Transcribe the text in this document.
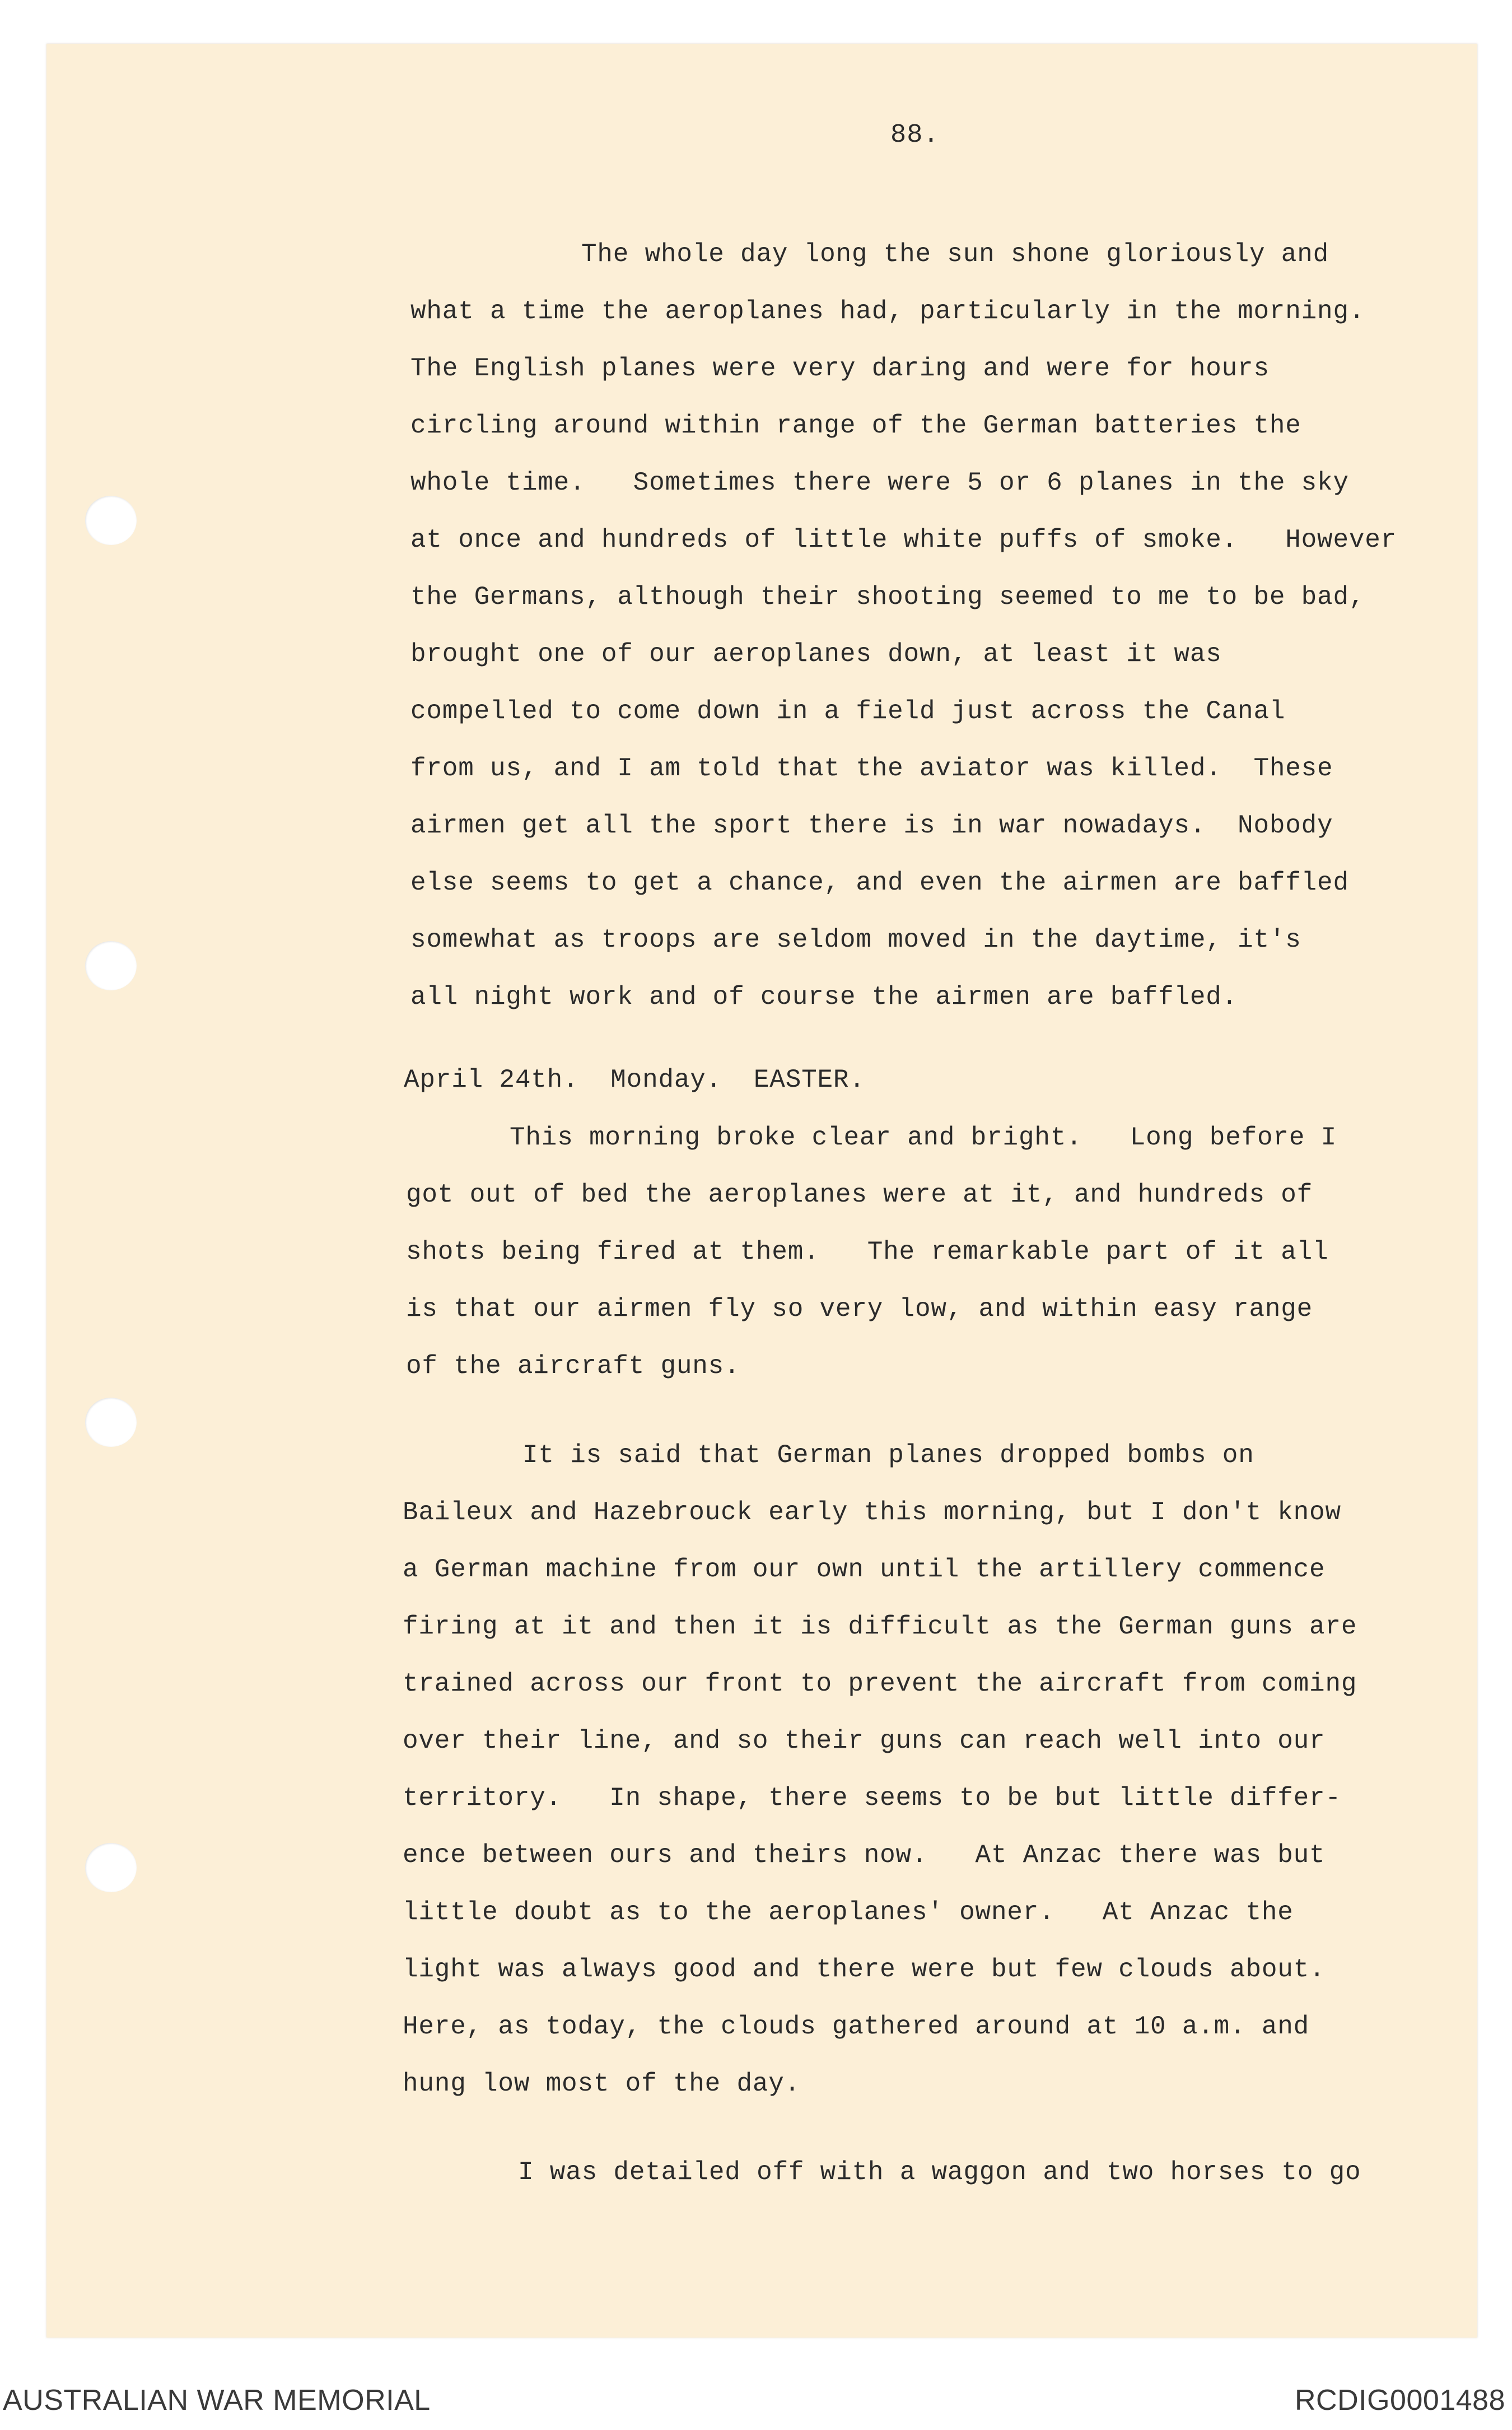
88.
The whole day long the sun shone gloriously and
what a time the aeroplanes had, particularly in the morning.
The English planes were very daring and were for hours
circling around within range of the German batteries the
whole time.   Sometimes there were 5 or 6 planes in the sky
at once and hundreds of little white puffs of smoke.   However
the Germans, although their shooting seemed to me to be bad,
brought one of our aeroplanes down, at least it was
compelled to come down in a field just across the Canal
from us, and I am told that the aviator was killed.  These
airmen get all the sport there is in war nowadays.  Nobody
else seems to get a chance, and even the airmen are baffled
somewhat as troops are seldom moved in the daytime, it's
all night work and of course the airmen are baffled.
April 24th.  Monday.  EASTER.
This morning broke clear and bright.   Long before I
got out of bed the aeroplanes were at it, and hundreds of
shots being fired at them.   The remarkable part of it all
is that our airmen fly so very low, and within easy range
of the aircraft guns.
It is said that German planes dropped bombs on
Baileux and Hazebrouck early this morning, but I don't know
a German machine from our own until the artillery commence
firing at it and then it is difficult as the German guns are
trained across our front to prevent the aircraft from coming
over their line, and so their guns can reach well into our
territory.   In shape, there seems to be but little differ-
ence between ours and theirs now.   At Anzac there was but
little doubt as to the aeroplanes' owner.   At Anzac the
light was always good and there were but few clouds about.
Here, as today, the clouds gathered around at 10 a.m. and
hung low most of the day.
I was detailed off with a waggon and two horses to go
AUSTRALIAN WAR MEMORIAL	RCDIG0001488
